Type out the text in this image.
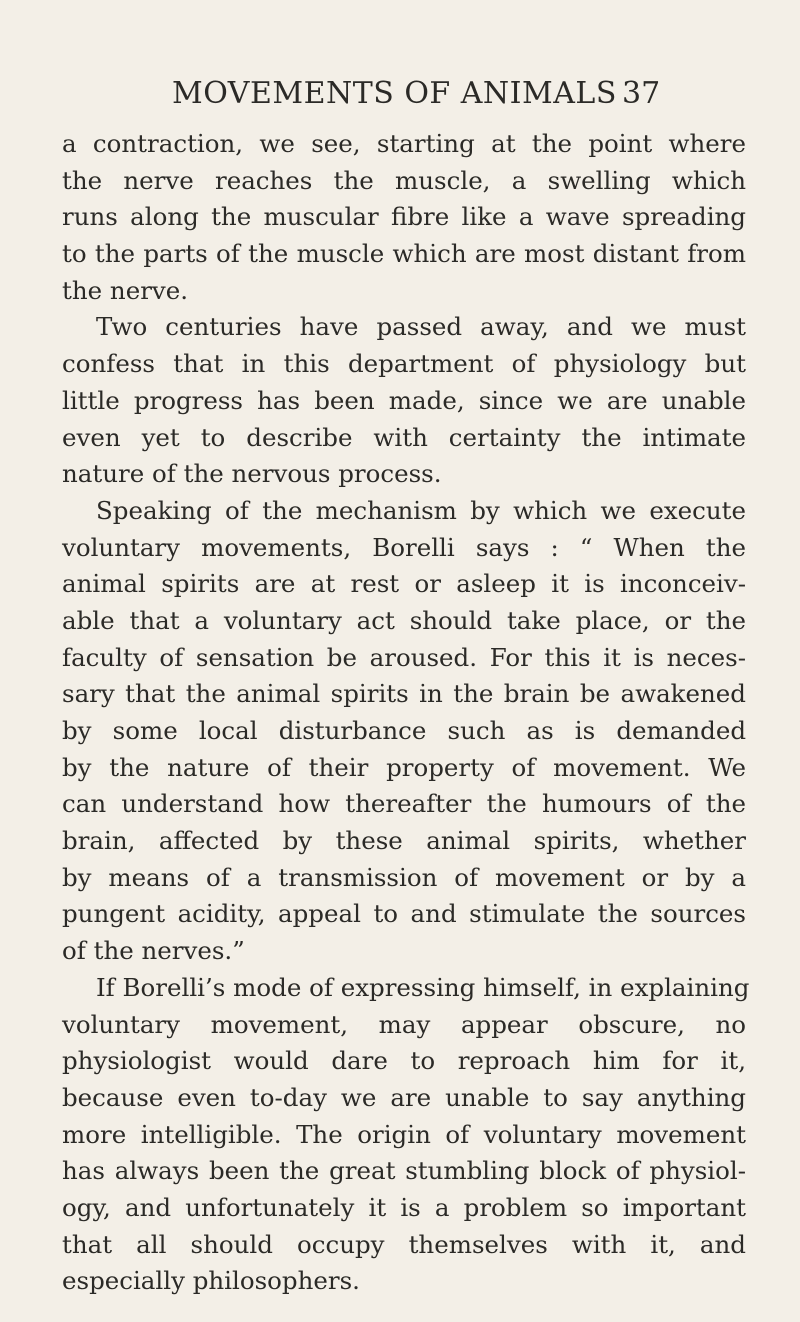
MOVEMENTS OF ANIMALS 37
a contraction, we see, starting at the point where
the nerve reaches the muscle, a swelling which
runs along the muscular fibre like a wave spreading
to the parts of the muscle which are most distant from
the nerve.
Two centuries have passed away, and we must
confess that in this department of physiology but
little progress has been made, since we are unable
even yet to describe with certainty the intimate
nature of the nervous process.
Speaking of the mechanism by which we execute
voluntary movements, Borelli says : “ When the
animal spirits are at rest or asleep it is inconceiv-
able that a voluntary act should take place, or the
faculty of sensation be aroused. For this it is neces-
sary that the animal spirits in the brain be awakened
by some local disturbance such as is demanded
by the nature of their property of movement. We
can understand how thereafter the humours of the
brain, affected by these animal spirits, whether
by means of a transmission of movement or by a
pungent acidity, appeal to and stimulate the sources
of the nerves.”
If Borelli’s mode of expressing himself, in explaining
voluntary movement, may appear obscure, no
physiologist would dare to reproach him for it,
because even to-day we are unable to say anything
more intelligible. The origin of voluntary movement
has always been the great stumbling block of physiol-
ogy, and unfortunately it is a problem so important
that all should occupy themselves with it, and
especially philosophers.
